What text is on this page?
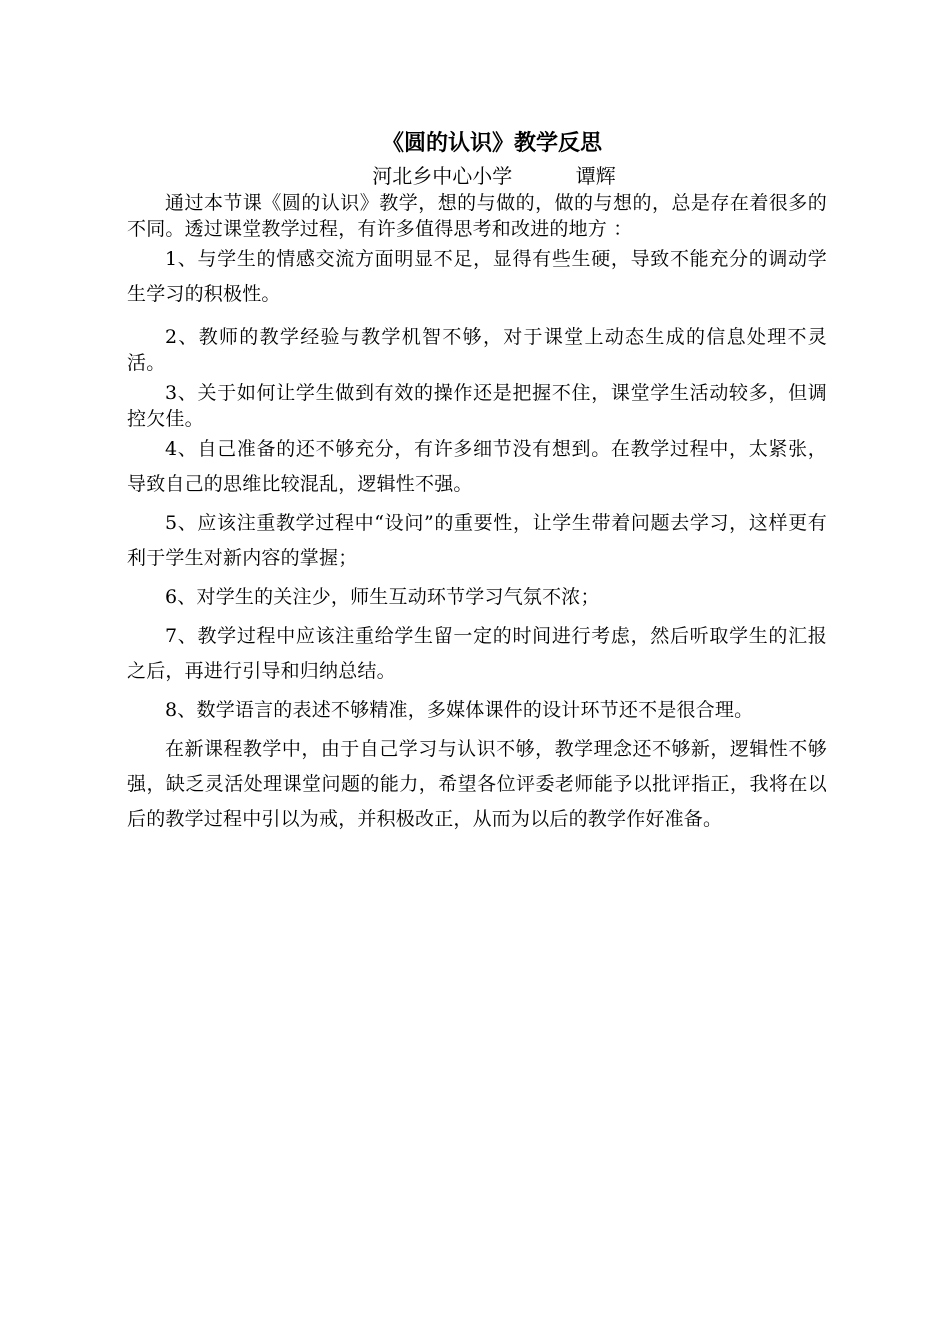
《圆的认识》教学反思
河北乡中心小学          谭辉

通过本节课《圆的认识》教学，想的与做的，做的与想的，总是存在着很多的不同。透过课堂教学过程，有许多值得思考和改进的地方 ：

1、与学生的情感交流方面明显不足，显得有些生硬，导致不能充分的调动学生学习的积极性。

2、教师的教学经验与教学机智不够，对于课堂上动态生成的信息处理不灵活。

3、关于如何让学生做到有效的操作还是把握不住，课堂学生活动较多，但调控欠佳。

4、自己准备的还不够充分，有许多细节没有想到。在教学过程中，太紧张，导致自己的思维比较混乱，逻辑性不强。

5、应该注重教学过程中“设问”的重要性，让学生带着问题去学习，这样更有利于学生对新内容的掌握；

6、对学生的关注少，师生互动环节学习气氛不浓；

7、教学过程中应该注重给学生留一定的时间进行考虑，然后听取学生的汇报之后，再进行引导和归纳总结。

8、数学语言的表述不够精准，多媒体课件的设计环节还不是很合理。

在新课程教学中，由于自己学习与认识不够，教学理念还不够新，逻辑性不够强，缺乏灵活处理课堂问题的能力，希望各位评委老师能予以批评指正，我将在以后的教学过程中引以为戒，并积极改正，从而为以后的教学作好准备。
